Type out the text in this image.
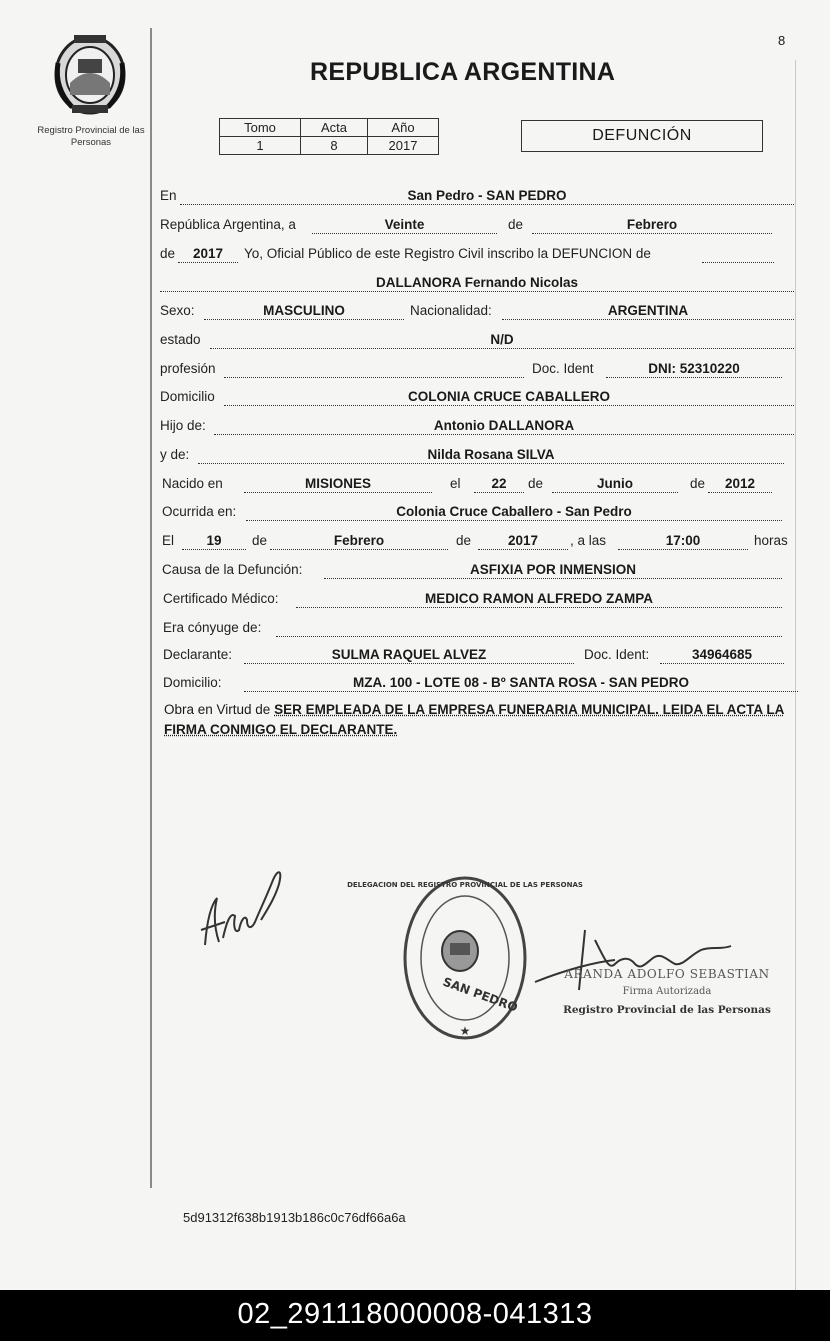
8
Registro Provincial de las Personas
REPUBLICA ARGENTINA
Tomo	Acta	Año
1	8	2017
DEFUNCIÓN
En	San Pedro - SAN PEDRO
República Argentina, a	Veinte	de	Febrero
de	2017	Yo, Oficial Público de este Registro Civil inscribo la DEFUNCION de
DALLANORA Fernando Nicolas
Sexo:	MASCULINO	Nacionalidad:	ARGENTINA
estado	N/D
profesión	Doc. Ident	DNI: 52310220
Domicilio	COLONIA CRUCE CABALLERO
Hijo de:	Antonio DALLANORA
y de:	Nilda Rosana SILVA
Nacido en	MISIONES	el	22	de	Junio	de	2012
Ocurrida en:	Colonia Cruce Caballero - San Pedro
El	19	de	Febrero	de	2017	, a las	17:00	horas
Causa de la Defunción:	ASFIXIA POR INMENSION
Certificado Médico:	MEDICO RAMON ALFREDO ZAMPA
Era cónyuge de:
Declarante:	SULMA RAQUEL ALVEZ	Doc. Ident:	34964685
Domicilio:	MZA. 100 - LOTE 08 - Bº SANTA ROSA - SAN PEDRO
Obra en Virtud de SER EMPLEADA DE LA EMPRESA FUNERARIA MUNICIPAL. LEIDA EL ACTA LA FIRMA CONMIGO EL DECLARANTE.
SAN PEDRO
★
DELEGACION DEL REGISTRO PROVINCIAL DE LAS PERSONAS
ARANDA ADOLFO SEBASTIAN
Firma Autorizada
Registro Provincial de las Personas
5d91312f638b1913b186c0c76df66a6a
02_291118000008-041313
